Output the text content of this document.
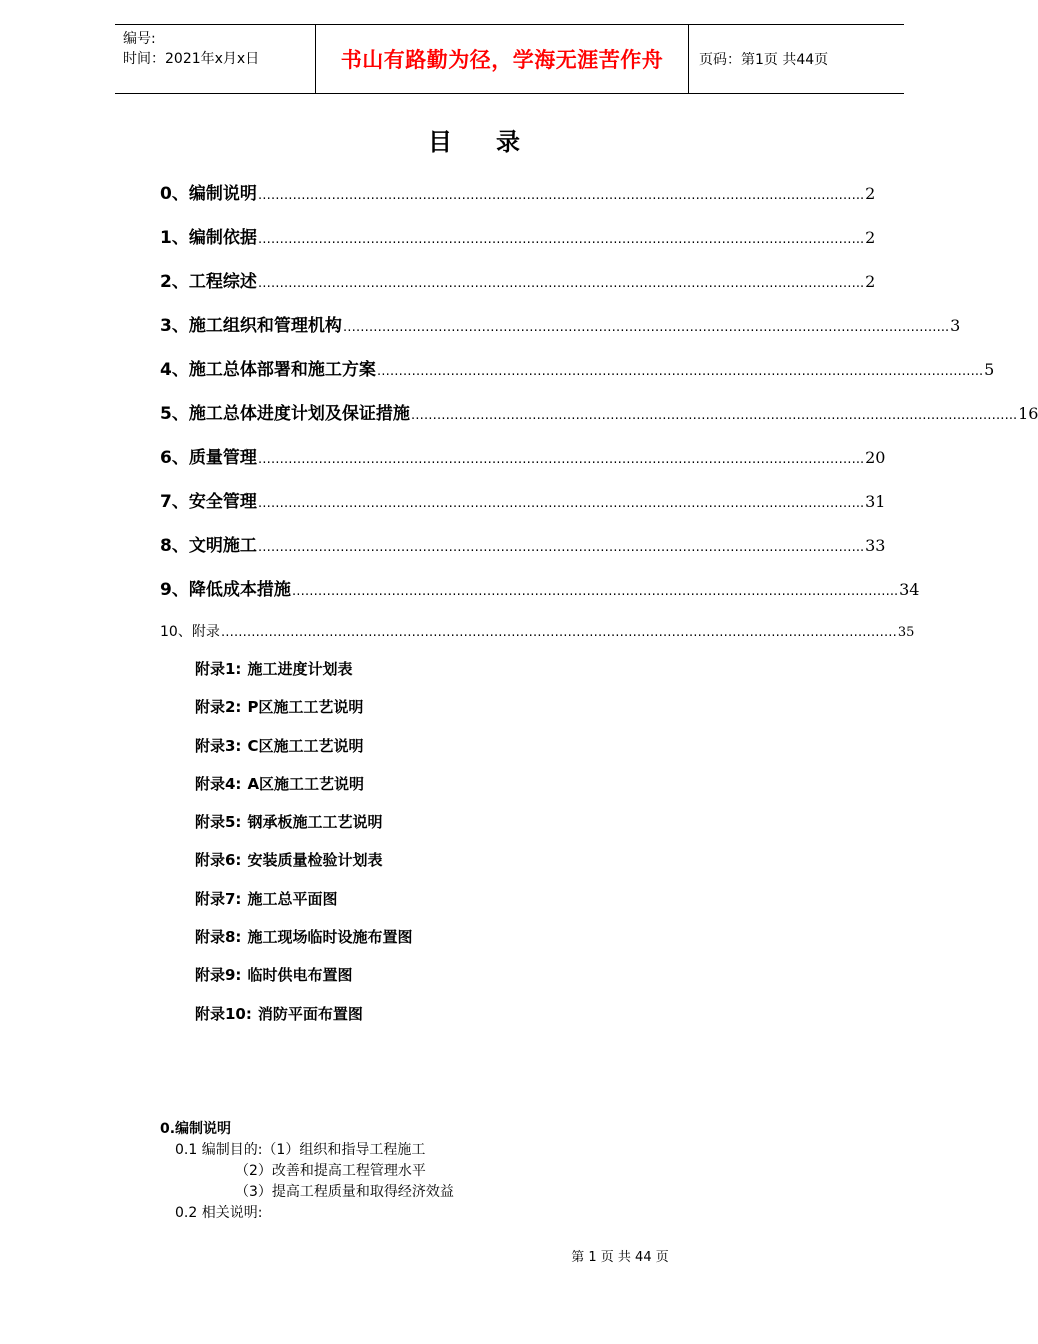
编号:
时间：2021年x月x日	书山有路勤为径，学海无涯苦作舟	页码：第1页 共44页
目 录
0、编制说明 ………………………………………………………………………………………………………………………….. 2
1、编制依据 ………………………………………………………………………………………………………………………….. 2
2、工程综述 ………………………………………………………………………………………………………………………….. 2
3、施工组织和管理机构 ………………………………………………………………………………………………………………………….. 3
4、施工总体部署和施工方案 ………………………………………………………………………………………………………………………….. 5
5、施工总体进度计划及保证措施 ………………………………………………………………………………………………………………………….. 16
6、质量管理 ………………………………………………………………………………………………………………………….. 20
7、安全管理 ………………………………………………………………………………………………………………………….. 31
8、文明施工 ………………………………………………………………………………………………………………………….. 33
9、降低成本措施 ………………………………………………………………………………………………………………………….. 34
10、附录 ………………………………………………………………………………………………………………………………………… 35
附录1: 施工进度计划表
附录2: P区施工工艺说明
附录3: C区施工工艺说明
附录4: A区施工工艺说明
附录5: 钢承板施工工艺说明
附录6: 安装质量检验计划表
附录7: 施工总平面图
附录8: 施工现场临时设施布置图
附录9: 临时供电布置图
附录10: 消防平面布置图
0.编制说明
0.1 编制目的:（1）组织和指导工程施工
（2）改善和提高工程管理水平
（3）提高工程质量和取得经济效益
0.2 相关说明:
第 1 页 共 44 页
